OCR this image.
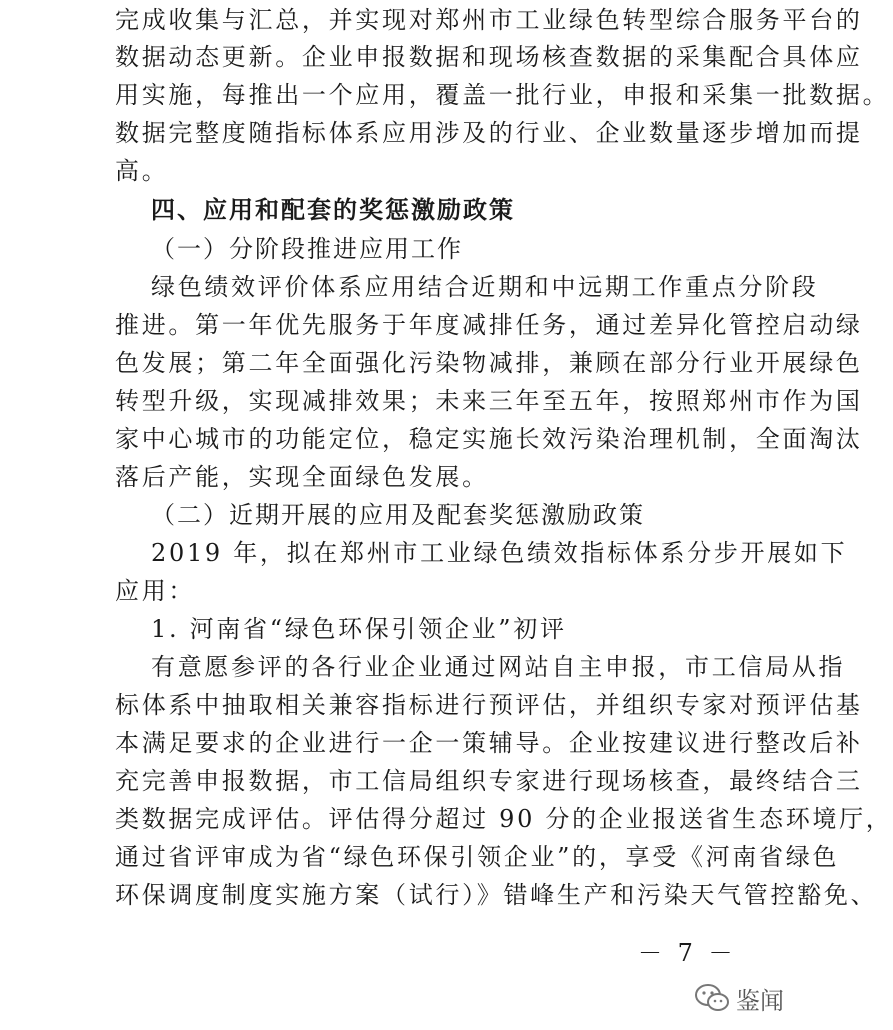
完成收集与汇总，并实现对郑州市工业绿色转型综合服务平台的
数据动态更新。企业申报数据和现场核查数据的采集配合具体应
用实施，每推出一个应用，覆盖一批行业，申报和采集一批数据。
数据完整度随指标体系应用涉及的行业、企业数量逐步增加而提
高。
四、应用和配套的奖惩激励政策
（一）分阶段推进应用工作
绿色绩效评价体系应用结合近期和中远期工作重点分阶段
推进。第一年优先服务于年度减排任务，通过差异化管控启动绿
色发展；第二年全面强化污染物减排，兼顾在部分行业开展绿色
转型升级，实现减排效果；未来三年至五年，按照郑州市作为国
家中心城市的功能定位，稳定实施长效污染治理机制，全面淘汰
落后产能，实现全面绿色发展。
（二）近期开展的应用及配套奖惩激励政策
2019 年，拟在郑州市工业绿色绩效指标体系分步开展如下
应用：
1. 河南省“绿色环保引领企业”初评
有意愿参评的各行业企业通过网站自主申报，市工信局从指
标体系中抽取相关兼容指标进行预评估，并组织专家对预评估基
本满足要求的企业进行一企一策辅导。企业按建议进行整改后补
充完善申报数据，市工信局组织专家进行现场核查，最终结合三
类数据完成评估。评估得分超过 90 分的企业报送省生态环境厅，
通过省评审成为省“绿色环保引领企业”的，享受《河南省绿色
环保调度制度实施方案（试行）》错峰生产和污染天气管控豁免、
－ 7 －
鉴闻
